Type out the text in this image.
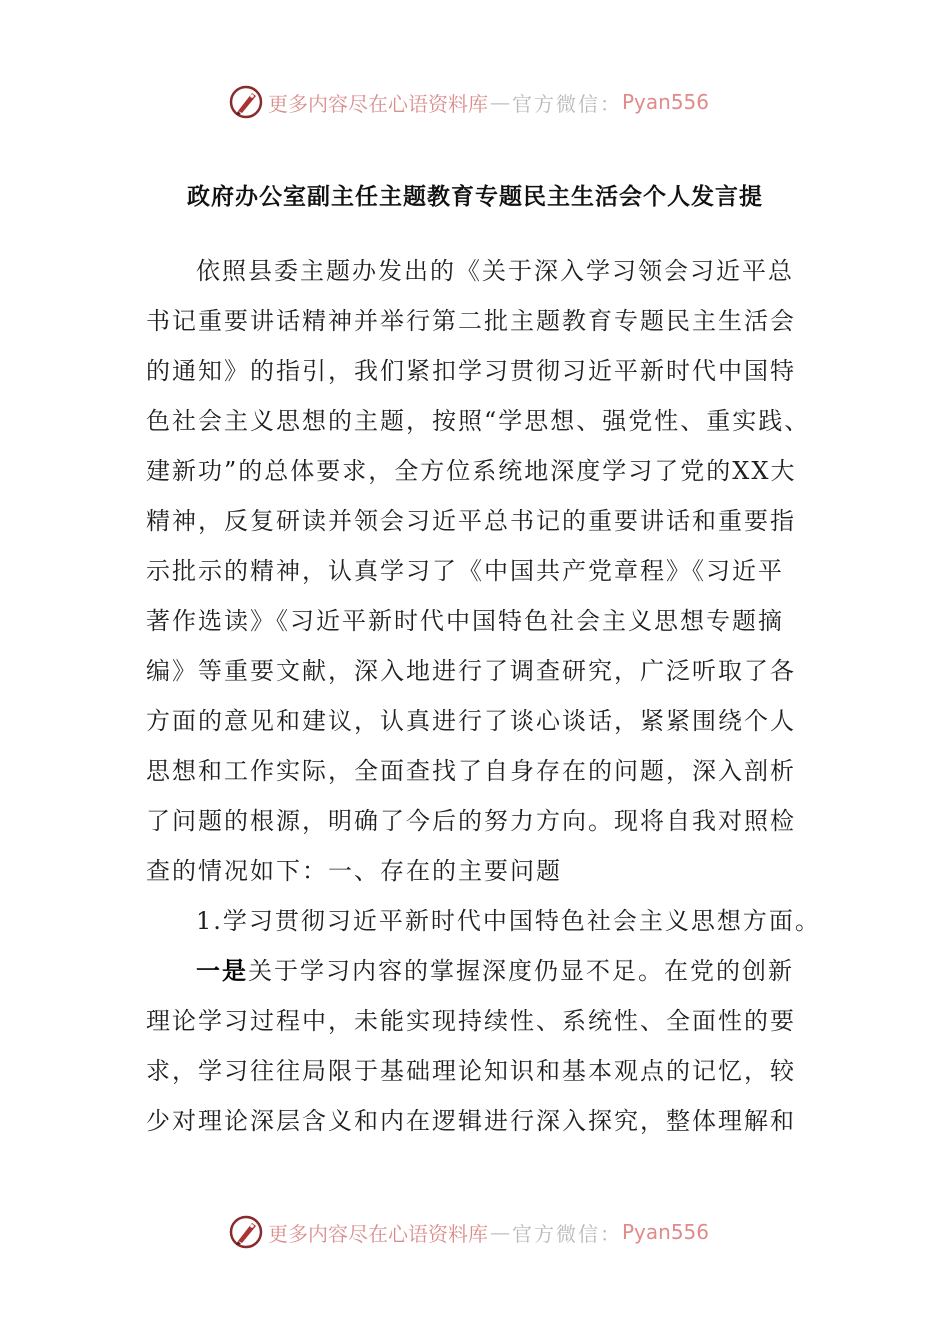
更多内容尽在心语资料库 — 官方微信： Pyan556
政府办公室副主任主题教育专题民主生活会个人发言提
依照县委主题办发出的《关于深入学习领会习近平总
书记重要讲话精神并举行第二批主题教育专题民主生活会
的通知》的指引，我们紧扣学习贯彻习近平新时代中国特
色社会主义思想的主题，按照“学思想、强党性、重实践、
建新功”的总体要求，全方位系统地深度学习了党的XX大
精神，反复研读并领会习近平总书记的重要讲话和重要指
示批示的精神，认真学习了《中国共产党章程》《习近平
著作选读》《习近平新时代中国特色社会主义思想专题摘
编》等重要文献，深入地进行了调查研究，广泛听取了各
方面的意见和建议，认真进行了谈心谈话，紧紧围绕个人
思想和工作实际，全面查找了自身存在的问题，深入剖析
了问题的根源，明确了今后的努力方向。现将自我对照检
查的情况如下：一、存在的主要问题
1.学习贯彻习近平新时代中国特色社会主义思想方面。
一是关于学习内容的掌握深度仍显不足。在党的创新
理论学习过程中，未能实现持续性、系统性、全面性的要
求，学习往往局限于基础理论知识和基本观点的记忆，较
少对理论深层含义和内在逻辑进行深入探究，整体理解和
更多内容尽在心语资料库 — 官方微信： Pyan556
